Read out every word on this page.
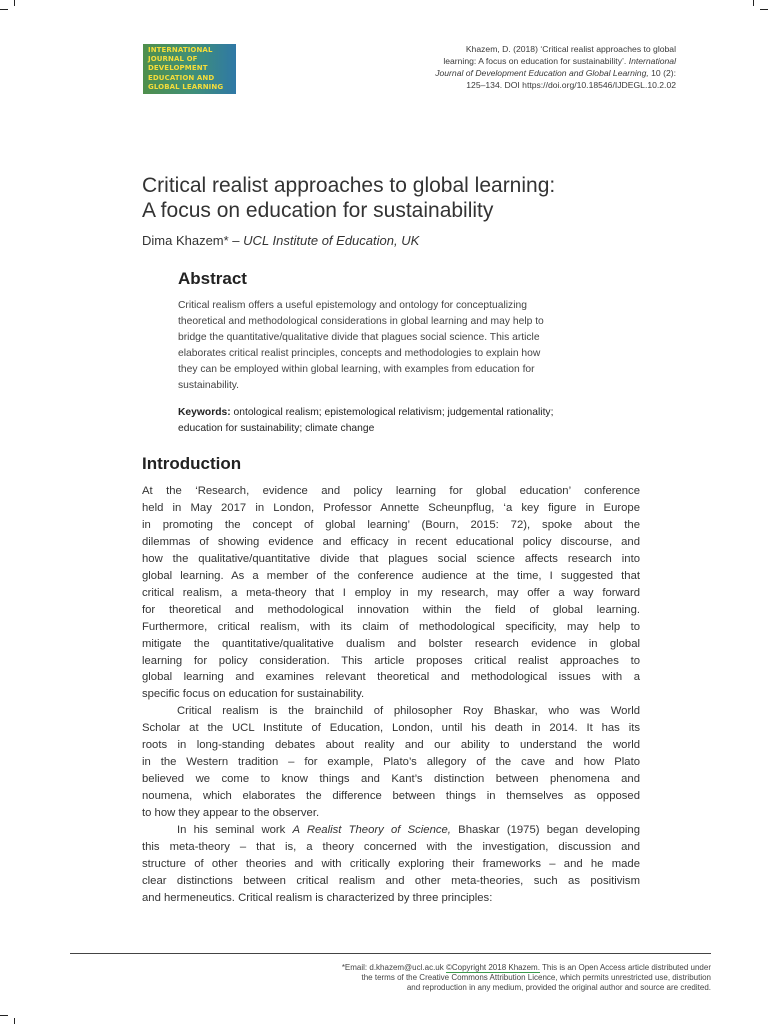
INTERNATIONAL
JOURNAL OF
DEVELOPMENT
EDUCATION AND
GLOBAL LEARNING
Khazem, D. (2018) ‘Critical realist approaches to global
learning: A focus on education for sustainability’. International
Journal of Development Education and Global Learning, 10 (2):
125–134. DOI https://doi.org/10.18546/IJDEGL.10.2.02
Critical realist approaches to global learning:
A focus on education for sustainability
Dima Khazem* – UCL Institute of Education, UK
Abstract
Critical realism offers a useful epistemology and ontology for conceptualizing
theoretical and methodological considerations in global learning and may help to
bridge the quantitative/qualitative divide that plagues social science. This article
elaborates critical realist principles, concepts and methodologies to explain how
they can be employed within global learning, with examples from education for
sustainability.
Keywords: ontological realism; epistemological relativism; judgemental rationality;
education for sustainability; climate change
Introduction
At the ‘Research, evidence and policy learning for global education’ conference
held in May 2017 in London, Professor Annette Scheunpflug, ‘a key figure in Europe
in promoting the concept of global learning’ (Bourn, 2015: 72), spoke about the
dilemmas of showing evidence and efficacy in recent educational policy discourse, and
how the qualitative/quantitative divide that plagues social science affects research into
global learning. As a member of the conference audience at the time, I suggested that
critical realism, a meta-theory that I employ in my research, may offer a way forward
for theoretical and methodological innovation within the field of global learning.
Furthermore, critical realism, with its claim of methodological specificity, may help to
mitigate the quantitative/qualitative dualism and bolster research evidence in global
learning for policy consideration. This article proposes critical realist approaches to
global learning and examines relevant theoretical and methodological issues with a
specific focus on education for sustainability.
Critical realism is the brainchild of philosopher Roy Bhaskar, who was World
Scholar at the UCL Institute of Education, London, until his death in 2014. It has its
roots in long-standing debates about reality and our ability to understand the world
in the Western tradition – for example, Plato’s allegory of the cave and how Plato
believed we come to know things and Kant’s distinction between phenomena and
noumena, which elaborates the difference between things in themselves as opposed
to how they appear to the observer.
In his seminal work A Realist Theory of Science, Bhaskar (1975) began developing
this meta-theory – that is, a theory concerned with the investigation, discussion and
structure of other theories and with critically exploring their frameworks – and he made
clear distinctions between critical realism and other meta-theories, such as positivism
and hermeneutics. Critical realism is characterized by three principles:
*Email: d.khazem@ucl.ac.uk ©Copyright 2018 Khazem. This is an Open Access article distributed under
the terms of the Creative Commons Attribution Licence, which permits unrestricted use, distribution
and reproduction in any medium, provided the original author and source are credited.
